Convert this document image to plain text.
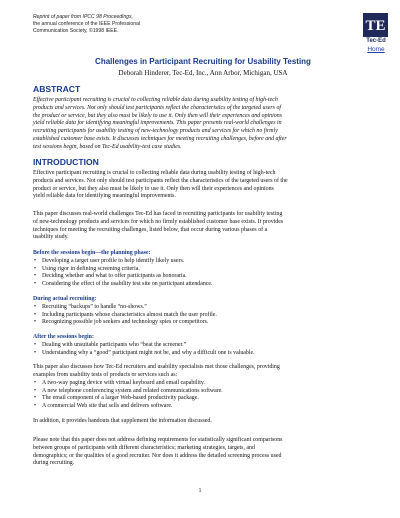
Reprint of paper from IPCC 98 Proceedings,
the annual conference of the IEEE Professional
Communication Society, ©1998 IEEE.	TE
Tec-Ed
Home
Challenges in Participant Recruiting for Usability Testing
Deborah Hinderer, Tec-Ed, Inc., Ann Arbor, Michigan, USA
ABSTRACT
Effective participant recruiting is crucial to collecting reliable data during usability testing of high-tech
products and services. Not only should test participants reflect the characteristics of the targeted users of
the product or service, but they also must be likely to use it. Only then will their experiences and opinions
yield reliable data for identifying meaningful improvements. This paper presents real-world challenges in
recruiting participants for usability testing of new-technology products and services for which no firmly
established customer base exists. It discusses techniques for meeting recruiting challenges, before and after
test sessions begin, based on Tec-Ed usability-test case studies.
INTRODUCTION
Effective participant recruiting is crucial to collecting reliable data during usability testing of high-tech
products and services. Not only should test participants reflect the characteristics of the targeted users of the
product or service, but they also must be likely to use it. Only then will their experiences and opinions
yield reliable data for identifying meaningful improvements.
This paper discusses real-world challenges Tec-Ed has faced in recruiting participants for usability testing
of new-technology products and services for which no firmly established customer base exists. It provides
techniques for meeting the recruiting challenges, listed below, that occur during various phases of a
usability study.
Before the sessions begin—the planning phase:
• Developing a target user profile to help identify likely users.
• Using rigor in defining screening criteria.
• Deciding whether and what to offer participants as honoraria.
• Considering the effect of the usability test site on participant attendance.
During actual recruiting:
• Recruiting “backups” to handle “no-shows.”
• Including participants whose characteristics almost match the user profile.
• Recognizing possible job seekers and technology spies or competitors.
After the sessions begin:
• Dealing with unsuitable participants who “beat the screener.”
• Understanding why a “good” participant might not be, and why a difficult one is valuable.
This paper also discusses how Tec-Ed recruiters and usability specialists met those challenges, providing
examples from usability tests of products or services such as:
• A two-way paging device with virtual keyboard and email capability.
• A new telephone conferencing system and related communications software.
• The email component of a larger Web-based productivity package.
• A commercial Web site that sells and delivers software.
In addition, it provides handouts that supplement the information discussed.
Please note that this paper does not address defining requirements for statistically significant comparisons
between groups of participants with different characteristics; marketing strategies, targets, and
demographics; or the qualities of a good recruiter. Nor does it address the detailed screening process used
during recruiting.
1
